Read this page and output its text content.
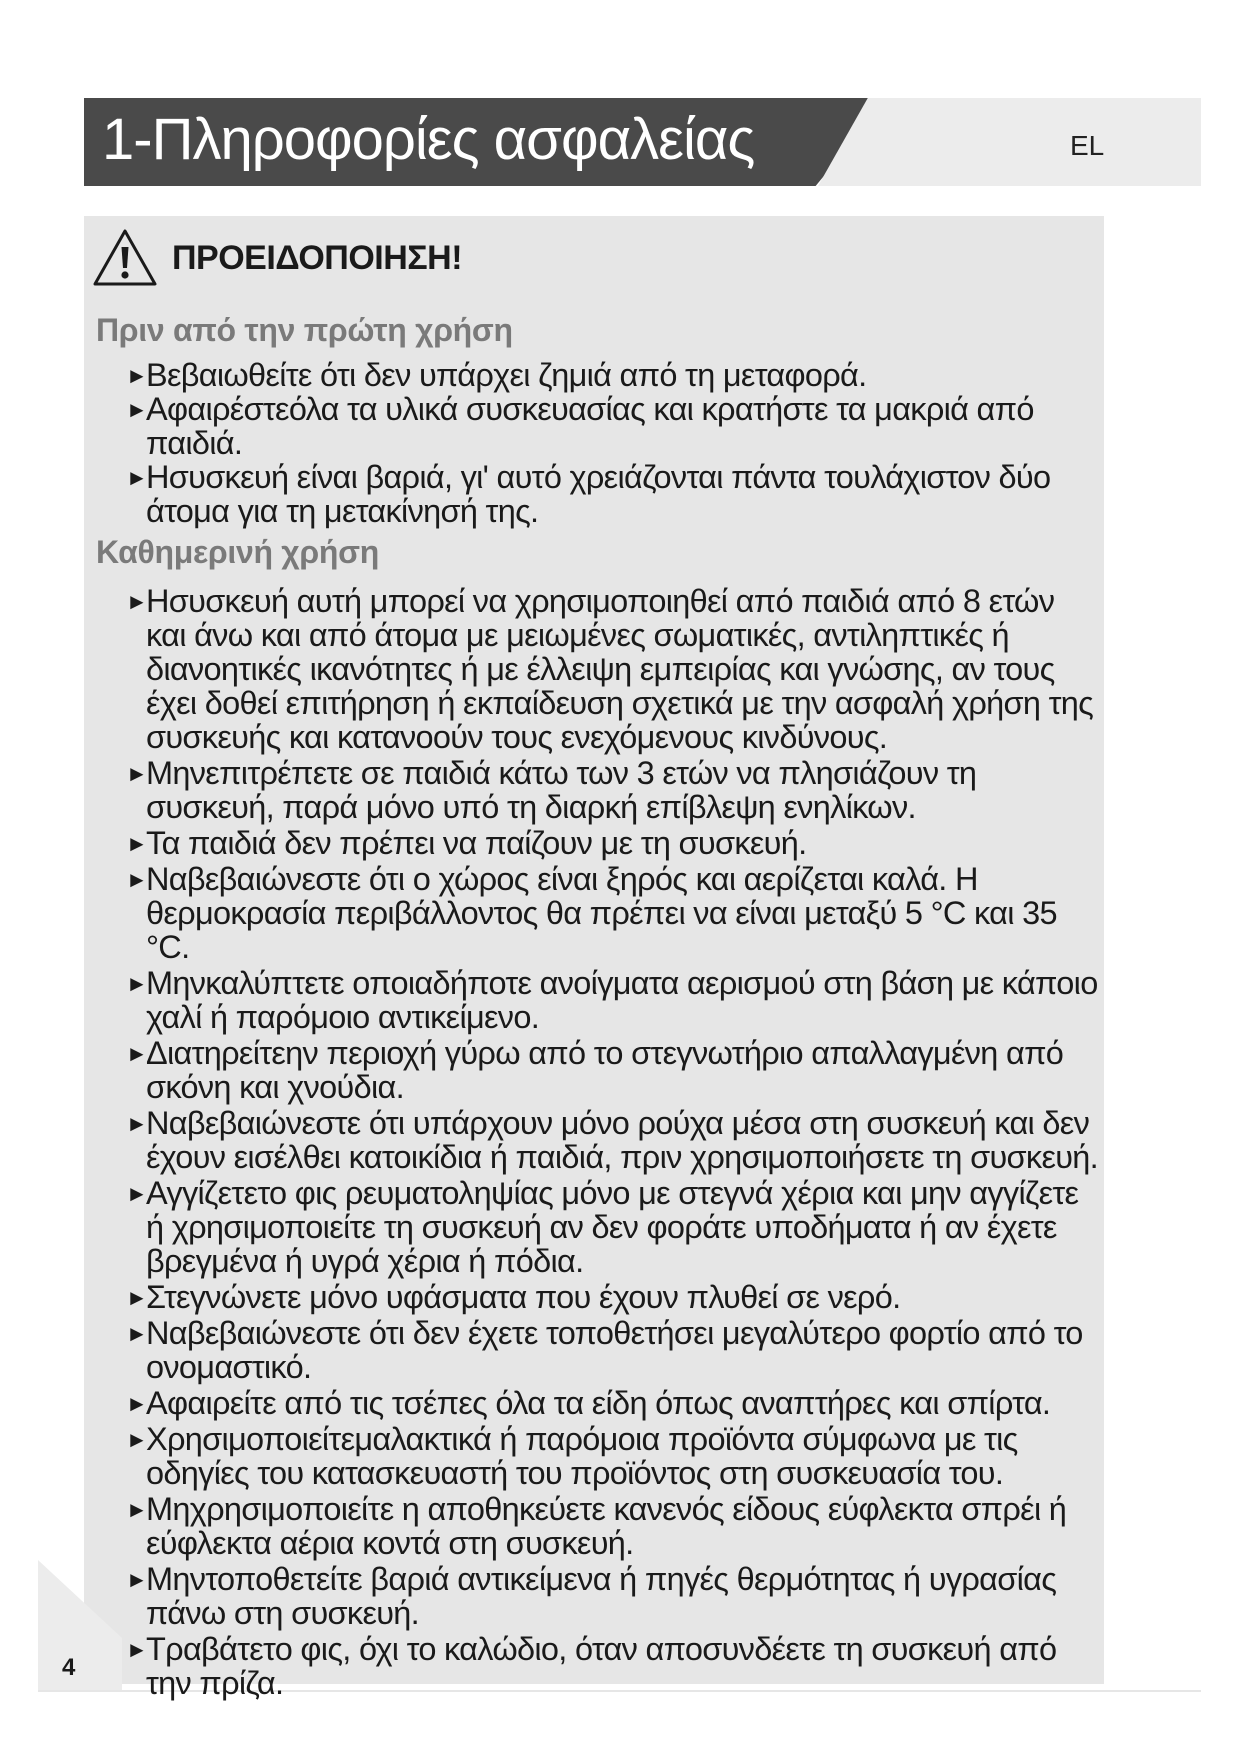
1-Πληροφορίες ασφαλείας	EL
4
ΠΡΟΕΙΔΟΠΟΙΗΣΗ!
Πριν από την πρώτη χρήση
► Βεβαιωθείτε ότι δεν υπάρχει ζημιά από τη μεταφορά.
► Αφαιρέστεόλα τα υλικά συσκευασίας και κρατήστε τα μακριά από παιδιά.
► Ησυσκευή είναι βαριά, γι' αυτό χρειάζονται πάντα τουλάχιστον δύο άτομα για τη μετακίνησή της.
Καθημερινή χρήση
► Ησυσκευή αυτή μπορεί να χρησιμοποιηθεί από παιδιά από 8 ετών και άνω και από άτομα με μειωμένες σωματικές, αντιληπτικές ή διανοητικές ικανότητες ή με έλλειψη εμπειρίας και γνώσης, αν τους έχει δοθεί επιτήρηση ή εκπαίδευση σχετικά με την ασφαλή χρήση της συσκευής και κατανοούν τους ενεχόμενους κινδύνους.
► Μηνεπιτρέπετε σε παιδιά κάτω των 3 ετών να πλησιάζουν τη συσκευή, παρά μόνο υπό τη διαρκή επίβλεψη ενηλίκων.
► Τα παιδιά δεν πρέπει να παίζουν με τη συσκευή.
► Ναβεβαιώνεστε ότι ο χώρος είναι ξηρός και αερίζεται καλά. Η θερμοκρασία περιβάλλοντος θα πρέπει να είναι μεταξύ 5 °C και 35 °C.
► Μηνκαλύπτετε οποιαδήποτε ανοίγματα αερισμού στη βάση με κάποιο χαλί ή παρόμοιο αντικείμενο.
► Διατηρείτεην περιοχή γύρω από το στεγνωτήριο απαλλαγμένη από σκόνη και χνούδια.
► Ναβεβαιώνεστε ότι υπάρχουν μόνο ρούχα μέσα στη συσκευή και δεν έχουν εισέλθει κατοικίδια ή παιδιά, πριν χρησιμοποιήσετε τη συσκευή.
► Αγγίζετετο φις ρευματοληψίας μόνο με στεγνά χέρια και μην αγγίζετε ή χρησιμοποιείτε τη συσκευή αν δεν φοράτε υποδήματα ή αν έχετε βρεγμένα ή υγρά χέρια ή πόδια.
► Στεγνώνετε μόνο υφάσματα που έχουν πλυθεί σε νερό.
► Ναβεβαιώνεστε ότι δεν έχετε τοποθετήσει μεγαλύτερο φορτίο από το ονομαστικό.
► Αφαιρείτε από τις τσέπες όλα τα είδη όπως αναπτήρες και σπίρτα.
► Χρησιμοποιείτεμαλακτικά ή παρόμοια προϊόντα σύμφωνα με τις οδηγίες του κατασκευαστή του προϊόντος στη συσκευασία του.
► Μηχρησιμοποιείτε η αποθηκεύετε κανενός είδους εύφλεκτα σπρέι ή εύφλεκτα αέρια κοντά στη συσκευή.
► Μηντοποθετείτε βαριά αντικείμενα ή πηγές θερμότητας ή υγρασίας πάνω στη συσκευή.
► Τραβάτετο φις, όχι το καλώδιο, όταν αποσυνδέετε τη συσκευή από την πρίζα.
